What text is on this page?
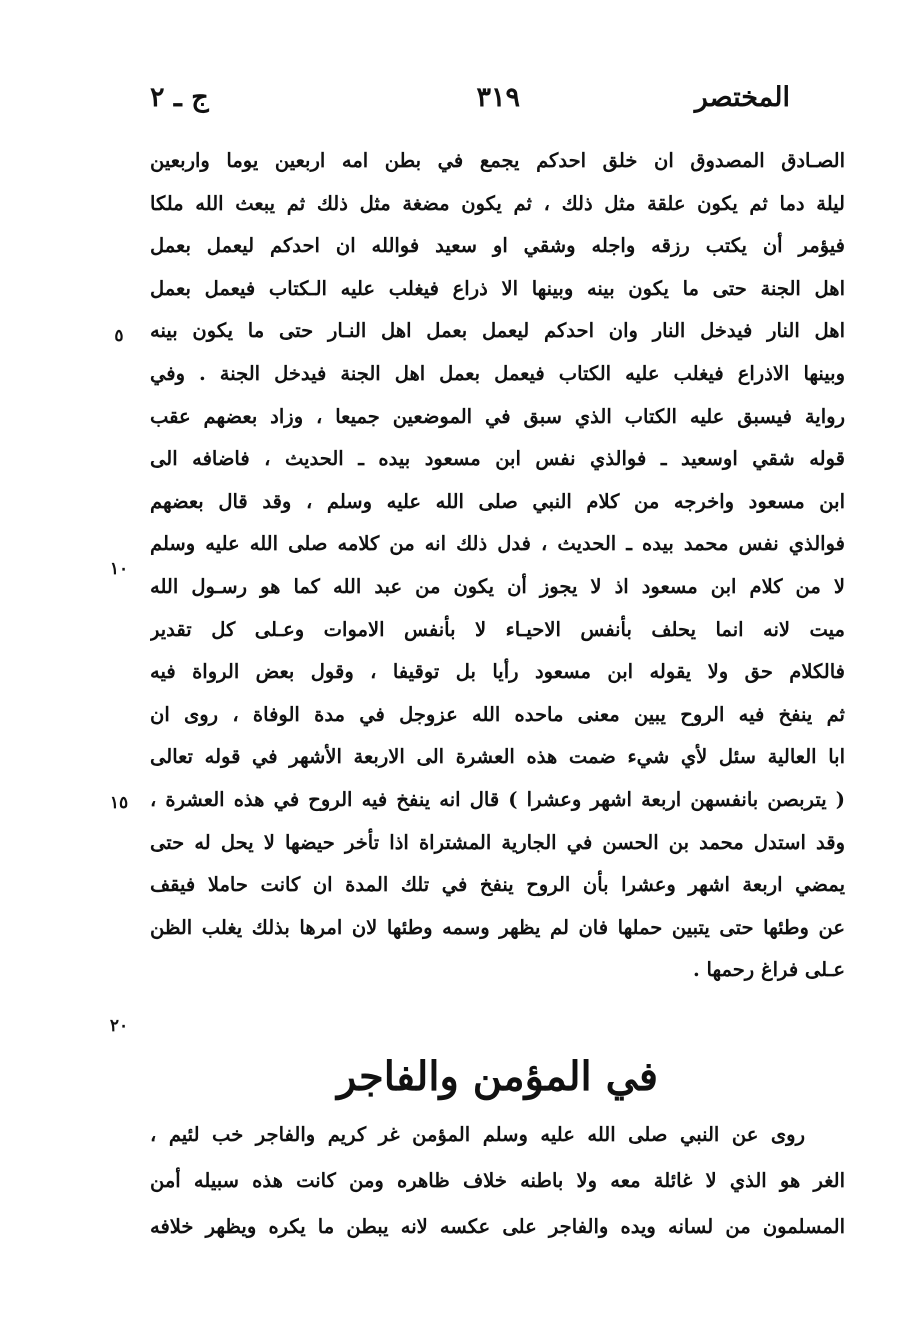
المختصر
٣١٩
ج ـ ٢
الصـادق المصدوق ان خلق احدكم يجمع في بطن امه اربعين يوما واربعين
ليلة دما ثم يكون علقة مثل ذلك ، ثم يكون مضغة مثل ذلك ثم يبعث الله ملكا
فيؤمر أن يكتب رزقه واجله وشقي او سعيد فوالله ان احدكم ليعمل بعمل
اهل الجنة حتى ما يكون بينه وبينها الا ذراع فيغلب عليه الـكتاب فيعمل بعمل
اهل النار فيدخل النار وان احدكم ليعمل بعمل اهل النـار حتى ما يكون بينه
وبينها الاذراع فيغلب عليه الكتاب فيعمل بعمل اهل الجنة فيدخل الجنة . وفي
رواية فيسبق عليه الكتاب الذي سبق في الموضعين جميعا ، وزاد بعضهم عقب
قوله شقي اوسعيد ـ فوالذي نفس ابن مسعود بيده ـ الحديث ، فاضافه الى
ابن مسعود واخرجه من كلام النبي صلى الله عليه وسلم ، وقد قال بعضهم
فوالذي نفس محمد بيده ـ الحديث ، فدل ذلك انه من كلامه صلى الله عليه وسلم
لا من كلام ابن مسعود اذ لا يجوز أن يكون من عبد الله كما هو رسـول الله
ميت لانه انما يحلف بأنفس الاحيـاء لا بأنفس الاموات وعـلى كل تقدير
فالكلام حق ولا يقوله ابن مسعود رأيا بل توقيفا ، وقول بعض الرواة فيه
ثم ينفخ فيه الروح يبين معنى ماحده الله عزوجل في مدة الوفاة ، روى ان
ابا العالية سئل لأي شيء ضمت هذه العشرة الى الاربعة الأشهر في قوله تعالى
( يتربصن بانفسهن اربعة اشهر وعشرا ) قال انه ينفخ فيه الروح في هذه العشرة ،
وقد استدل محمد بن الحسن في الجارية المشتراة اذا تأخر حيضها لا يحل له حتى
يمضي اربعة اشهر وعشرا بأن الروح ينفخ في تلك المدة ان كانت حاملا فيقف
عن وطئها حتى يتبين حملها فان لم يظهر وسمه وطئها لان امرها بذلك يغلب الظن
عـلى فراغ رحمها .
٥
١٠
١٥
٢٠
في المؤمن والفاجر
روى عن النبي صلى الله عليه وسلم المؤمن غر كريم والفاجر خب لئيم ،
الغر هو الذي لا غائلة معه ولا باطنه خلاف ظاهره ومن كانت هذه سبيله أمن
المسلمون من لسانه ويده والفاجر على عكسه لانه يبطن ما يكره ويظهر خلافه
